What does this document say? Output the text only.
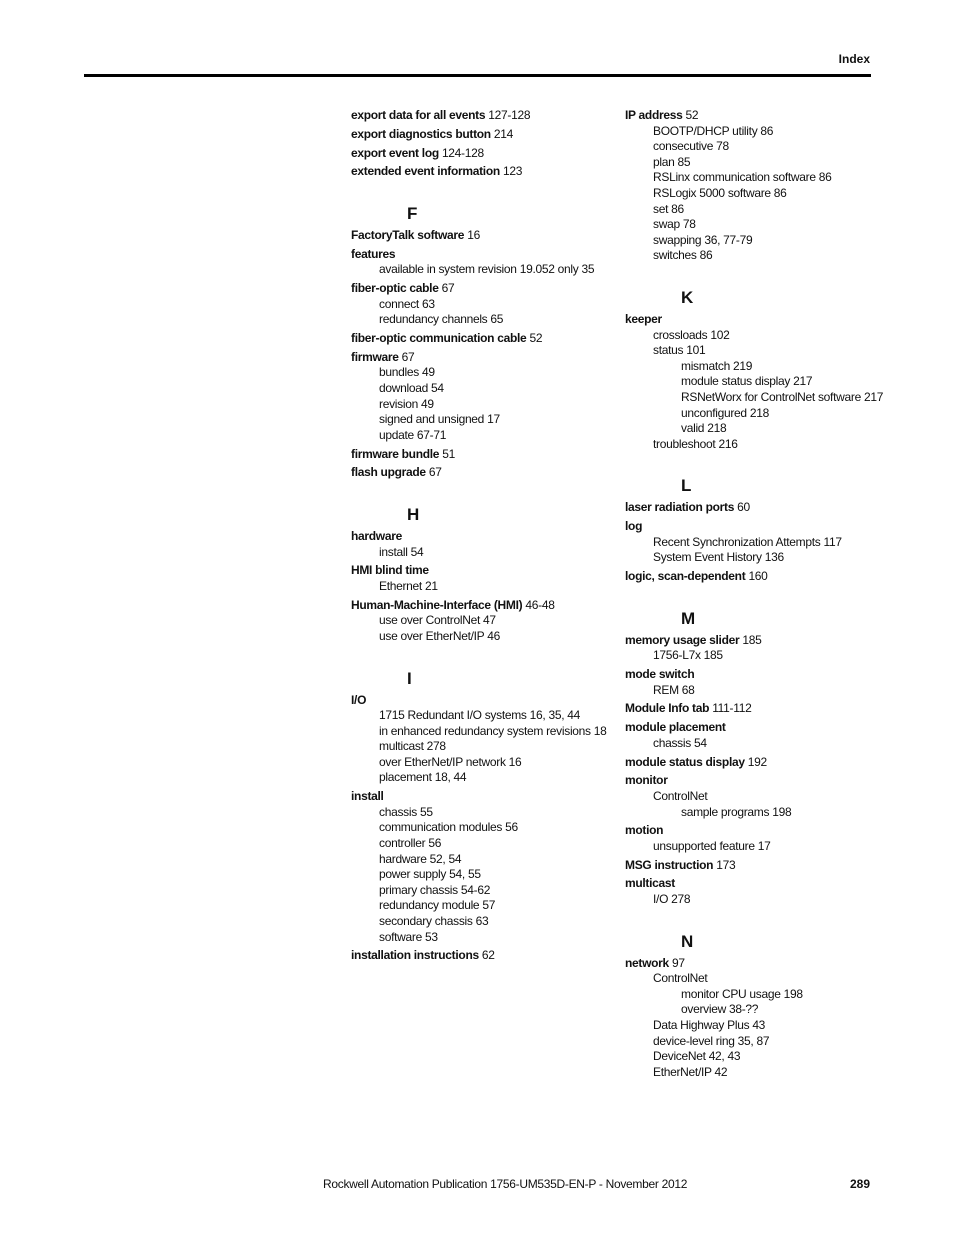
Index
export data for all events 127-128
export diagnostics button 214
export event log 124-128
extended event information 123
F
FactoryTalk software 16
features
available in system revision 19.052 only 35
fiber-optic cable 67
connect 63
redundancy channels 65
fiber-optic communication cable 52
firmware 67
bundles 49
download 54
revision 49
signed and unsigned 17
update 67-71
firmware bundle 51
flash upgrade 67
H
hardware
install 54
HMI blind time
Ethernet 21
Human-Machine-Interface (HMI) 46-48
use over ControlNet 47
use over EtherNet/IP 46
I
I/O
1715 Redundant I/O systems 16, 35, 44
in enhanced redundancy system revisions 18
multicast 278
over EtherNet/IP network 16
placement 18, 44
install
chassis 55
communication modules 56
controller 56
hardware 52, 54
power supply 54, 55
primary chassis 54-62
redundancy module 57
secondary chassis 63
software 53
installation instructions 62
IP address 52
BOOTP/DHCP utility 86
consecutive 78
plan 85
RSLinx communication software 86
RSLogix 5000 software 86
set 86
swap 78
swapping 36, 77-79
switches 86
K
keeper
crossloads 102
status 101
mismatch 219
module status display 217
RSNetWorx for ControlNet software 217
unconfigured 218
valid 218
troubleshoot 216
L
laser radiation ports 60
log
Recent Synchronization Attempts 117
System Event History 136
logic, scan-dependent 160
M
memory usage slider 185
1756-L7x 185
mode switch
REM 68
Module Info tab 111-112
module placement
chassis 54
module status display 192
monitor
ControlNet
sample programs 198
motion
unsupported feature 17
MSG instruction 173
multicast
I/O 278
N
network 97
ControlNet
monitor CPU usage 198
overview 38-??
Data Highway Plus 43
device-level ring 35, 87
DeviceNet 42, 43
EtherNet/IP 42
Rockwell Automation Publication 1756-UM535D-EN-P - November 2012	289
